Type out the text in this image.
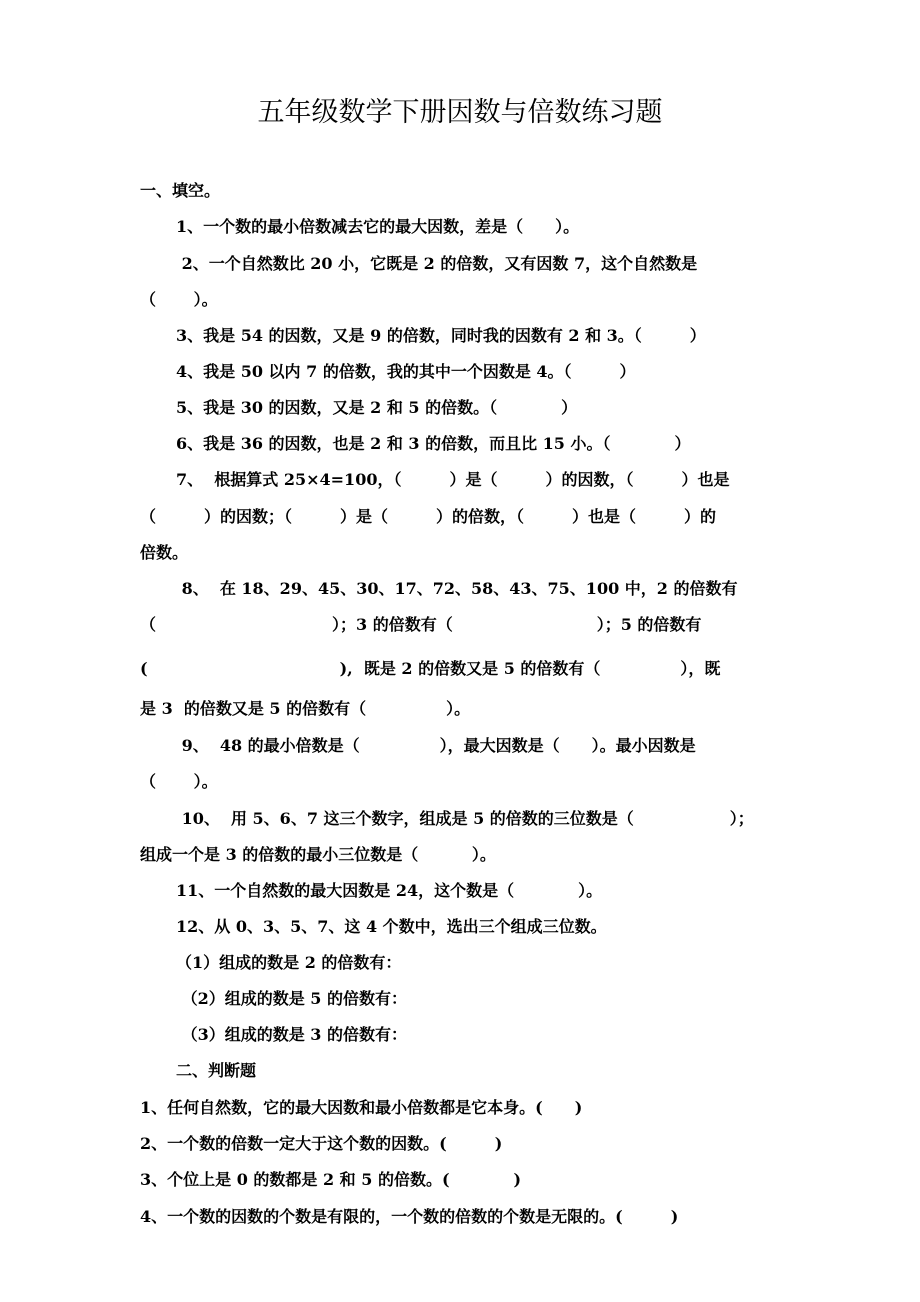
五年级数学下册因数与倍数练习题
一、填空。
1、一个数的最小倍数减去它的最大因数，差是（　　）。
2、一个自然数比 20 小，它既是 2 的倍数，又有因数 7，这个自然数是
（　　 ）。
3、我是 54 的因数，又是 9 的倍数，同时我的因数有 2 和 3。（　　　）
4、我是 50 以内 7 的倍数，我的其中一个因数是 4。（　　　）
5、我是 30 的因数，又是 2 和 5 的倍数。（　　　　）
6、我是 36 的因数，也是 2 和 3 的倍数，而且比 15 小。（　　　　）
7、  根据算式 25×4=100，（　　　）是（　　　）的因数，（　　　）也是
（　　　）的因数；（　　　）是（　　　）的倍数，（　　　）也是（　　　）的
倍数。
8、  在 18、29、45、30、17、72、58、43、75、100 中，2 的倍数有
（　　　　　　　　　　　）；3 的倍数有（　　　　　　　　　）；5 的倍数有
(　　　　　　　　　　　　),  既是 2 的倍数又是 5 的倍数有（　　　　　），既
是 3  的倍数又是 5 的倍数有（　　　　　）。
9、  48 的最小倍数是（　　　　　），最大因数是（　　）。最小因数是
（　　 ）。
10、  用 5、6、7 这三个数字，组成是 5 的倍数的三位数是（　　　　　　）；
组成一个是 3 的倍数的最小三位数是（　　　 ）。
11、一个自然数的最大因数是 24，这个数是（　　　　）。
12、从 0、3、5、7、这 4 个数中，选出三个组成三位数。
（1）组成的数是 2 的倍数有：
（2）组成的数是 5 的倍数有：
（3）组成的数是 3 的倍数有：
二、判断题
1、任何自然数，它的最大因数和最小倍数都是它本身。(　　)
2、一个数的倍数一定大于这个数的因数。(　　　)
3、个位上是 0 的数都是 2 和 5 的倍数。(　　　　)
4、一个数的因数的个数是有限的，一个数的倍数的个数是无限的。(　　　)
